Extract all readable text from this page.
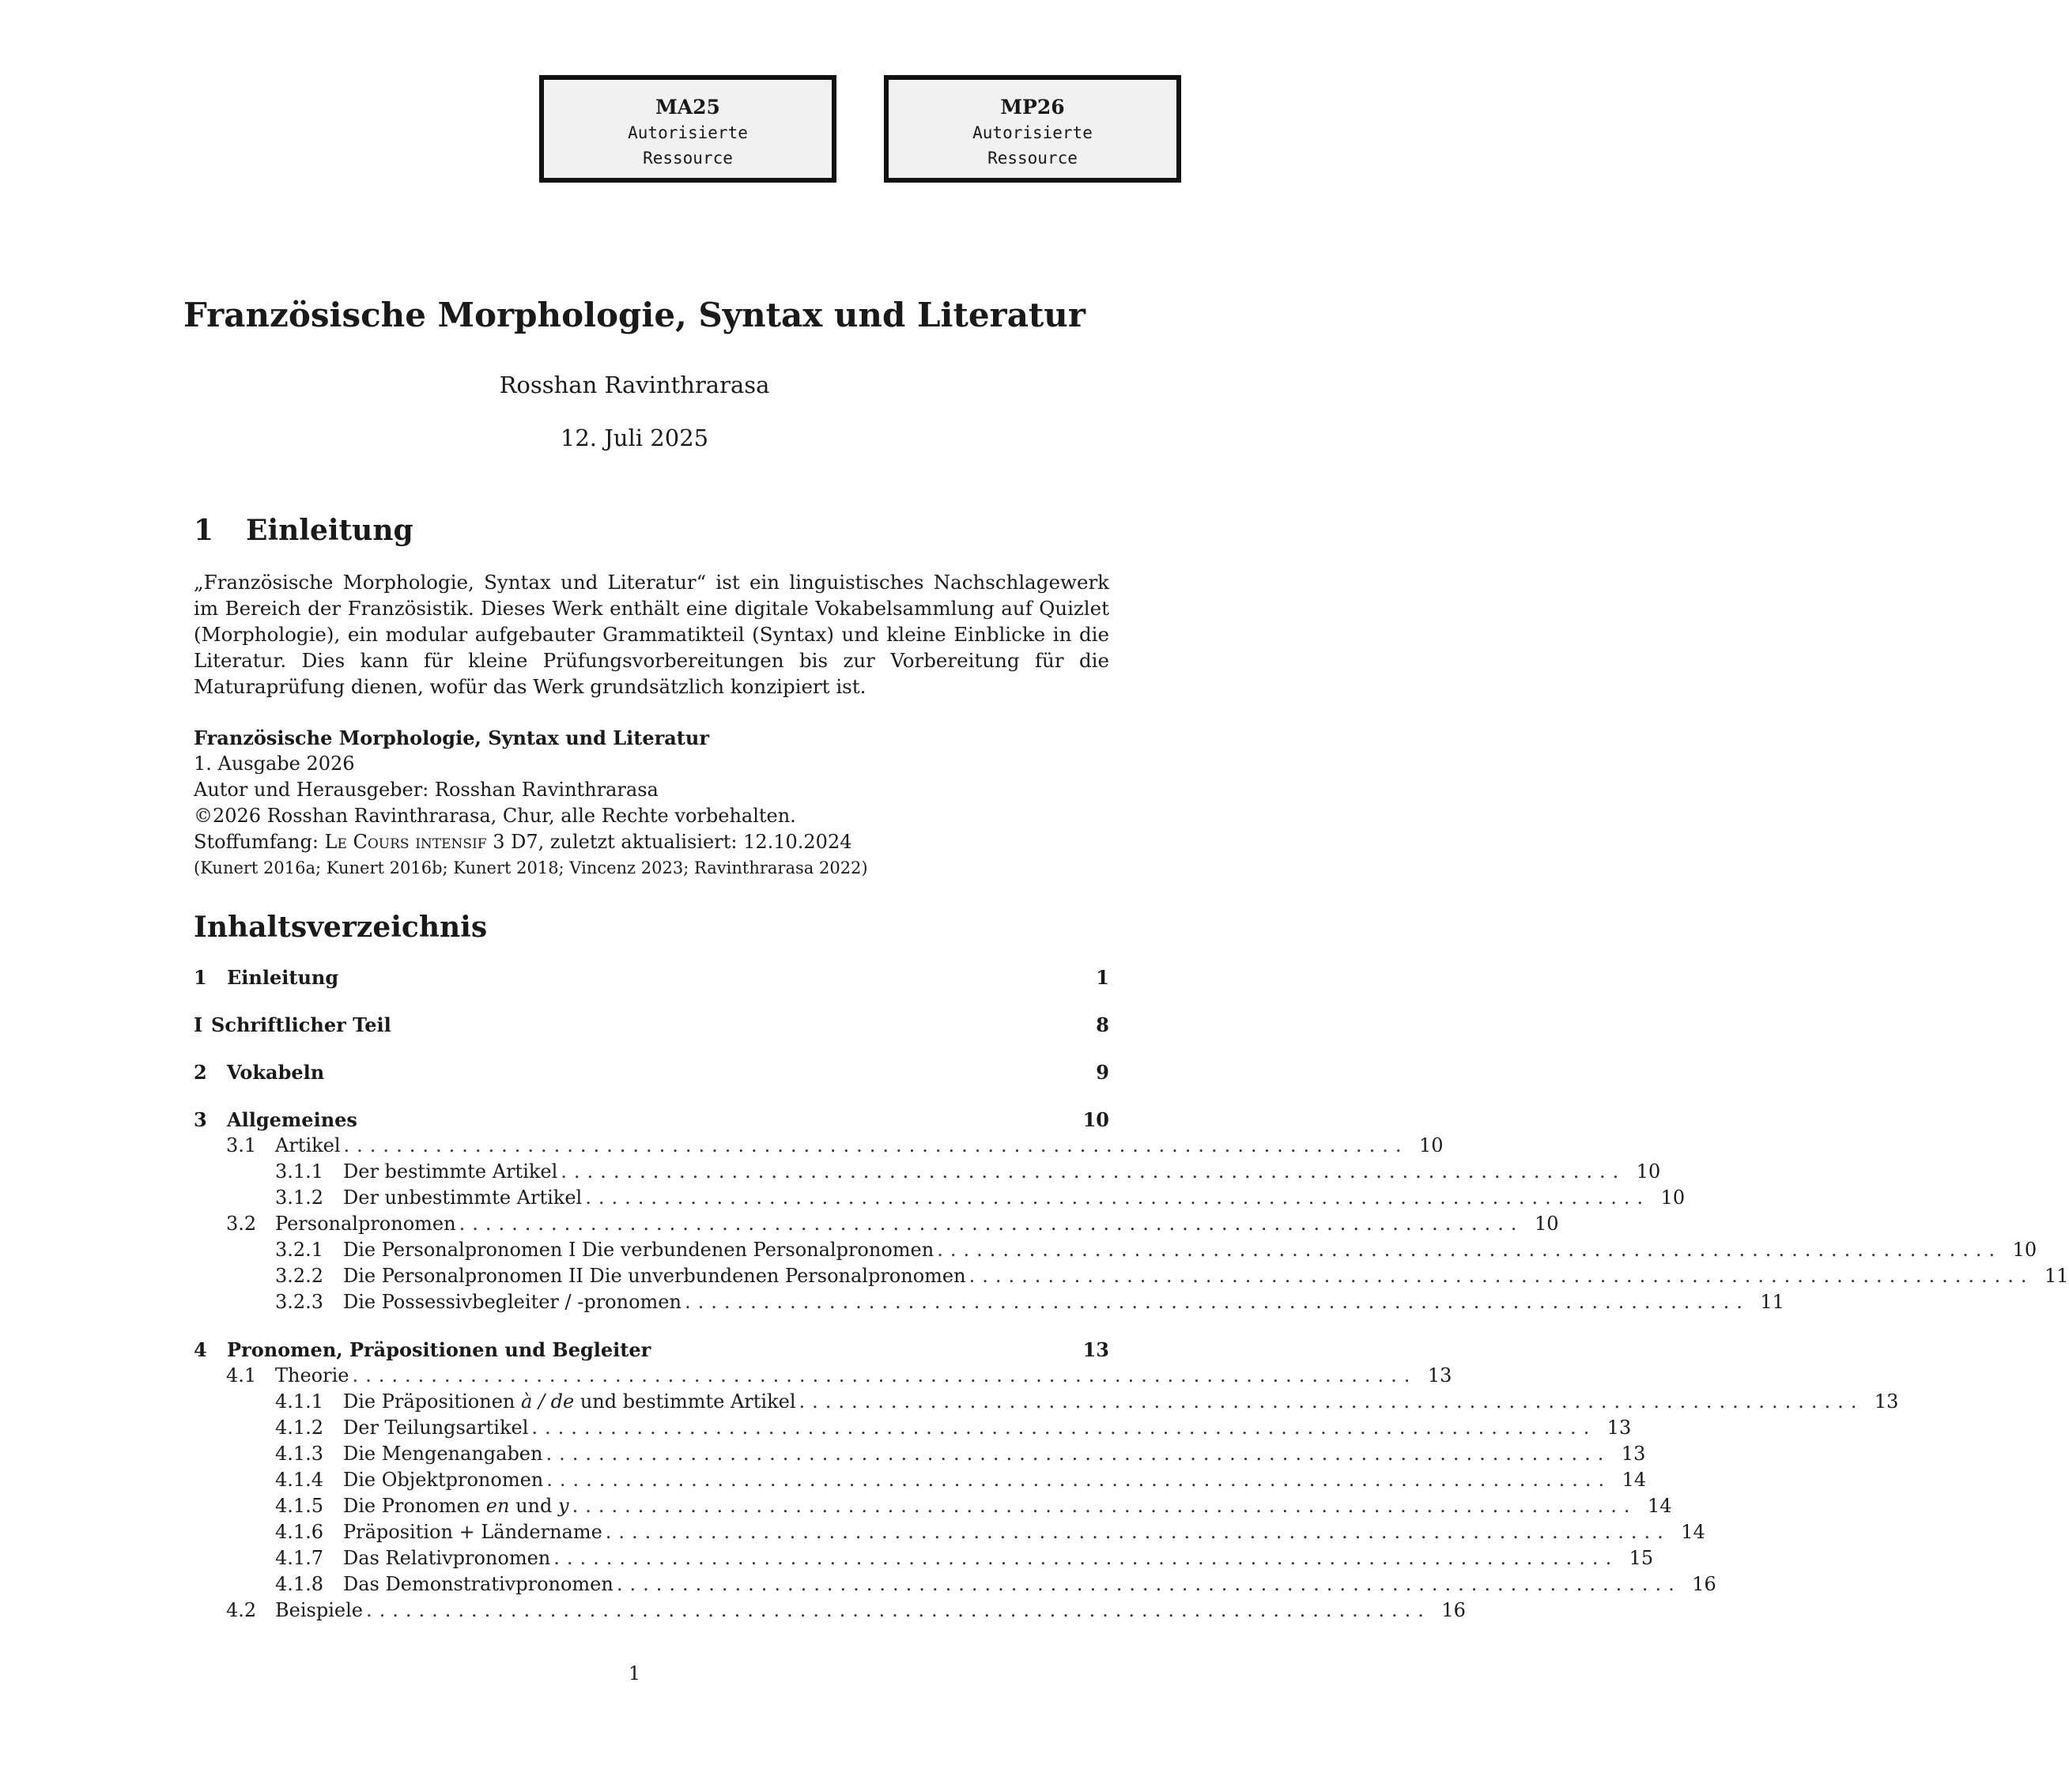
MA25
Autorisierte
Ressource
MP26
Autorisierte
Ressource
Französische Morphologie, Syntax und Literatur
Rosshan Ravinthrarasa
12. Juli 2025
1 Einleitung
„Französische Morphologie, Syntax und Literatur“ ist ein linguistisches Nachschlagewerk im Bereich der Französistik. Dieses Werk enthält eine digitale Vokabelsammlung auf Quizlet (Morphologie), ein modular aufgebauter Grammatikteil (Syntax) und kleine Einblicke in die Literatur. Dies kann für kleine Prüfungsvorbereitungen bis zur Vorbereitung für die Maturaprüfung dienen, wofür das Werk grundsätzlich konzipiert ist.
Französische Morphologie, Syntax und Literatur
1. Ausgabe 2026
Autor und Herausgeber: Rosshan Ravinthrarasa
©2026 Rosshan Ravinthrarasa, Chur, alle Rechte vorbehalten.
Stoffumfang: Le Cours intensif 3 D7, zuletzt aktualisiert: 12.10.2024
(Kunert 2016a; Kunert 2016b; Kunert 2018; Vincenz 2023; Ravinthrarasa 2022)
Inhaltsverzeichnis
1	Einleitung	1
I Schriftlicher Teil	8
2	Vokabeln	9
3	Allgemeines	10
3.1 Artikel ................................................................................. 10
3.1.1	Der bestimmte Artikel ................................................................................. 10
3.1.2	Der unbestimmte Artikel ................................................................................. 10
3.2 Personalpronomen ................................................................................. 10
3.2.1	Die Personalpronomen I Die verbundenen Personalpronomen ................................................................................. 10
3.2.2	Die Personalpronomen II Die unverbundenen Personalpronomen ................................................................................. 11
3.2.3	Die Possessivbegleiter / -pronomen ................................................................................. 11
4	Pronomen, Präpositionen und Begleiter	13
4.1 Theorie ................................................................................. 13
4.1.1	Die Präpositionen à / de und bestimmte Artikel ................................................................................. 13
4.1.2	Der Teilungsartikel ................................................................................. 13
4.1.3	Die Mengenangaben ................................................................................. 13
4.1.4	Die Objektpronomen ................................................................................. 14
4.1.5	Die Pronomen en und y ................................................................................. 14
4.1.6	Präposition + Ländername ................................................................................. 14
4.1.7	Das Relativpronomen ................................................................................. 15
4.1.8	Das Demonstrativpronomen ................................................................................. 16
4.2 Beispiele ................................................................................. 16
1
